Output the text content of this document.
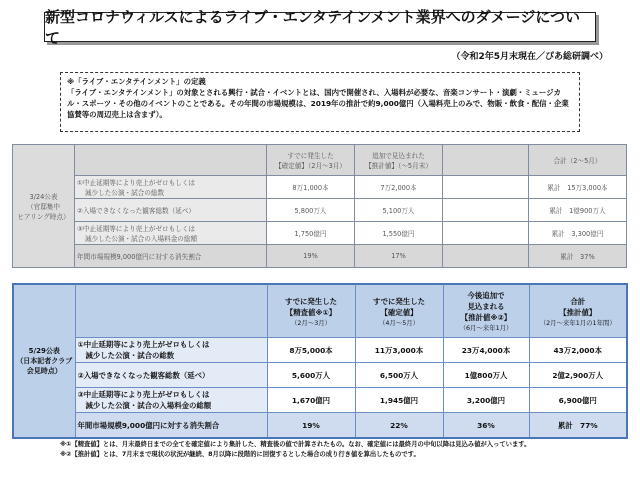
新型コロナウィルスによるライブ・エンタテインメント業界へのダメージについて
（令和2年5月末現在／ぴあ総研調べ）
※「ライブ・エンタテインメント」の定義
「ライブ・エンタテインメント」の対象とされる興行・試合・イベントとは、国内で開催され、入場料が必要な、音楽コンサート・演劇・ミュージカル・スポーツ・その他のイベントのことである。その年間の市場規模は、2019年の推計で約9,000億円（入場料売上のみで、物販・飲食・配信・企業協賛等の周辺売上は含まず）。
3/24公表
（官邸集中
ヒアリング時点）		すでに発生した
【確定値】（2月～3月）	追加で見込まれた
【推計値】（～5月末）		合計（2～5月）

	①中止延期等により売上がゼロもしくは
減少した公演・試合の総数	8万1,000本	7万2,000本		累計　15万3,000本

	②入場できなくなった観客総数（延べ）	5,800万人	5,100万人		累計　1億900万人

	③中止延期等により売上がゼロもしくは
減少した公演・試合の入場料金の総額	1,750億円	1,550億円		累計　3,300億円
	年間市場規模9,000億円に対する消失割合	19%	17%		累計　37%
5/29公表
（日本記者クラブ
会見時点）		すでに発生した
【精査値※①】
（2月～3月）	すでに発生した
【確定値】
（4月～5月）	今後追加で
見込まれる
【推計値※②】
（6月～来年1月）	合計
【推計値】
（2月～来年1月の1年間）

	①中止延期等により売上がゼロもしくは
減少した公演・試合の総数	8万5,000本	11万3,000本	23万4,000本	43万2,000本

	②入場できなくなった観客総数（延べ）	5,600万人	6,500万人	1億800万人	2億2,900万人

	③中止延期等により売上がゼロもしくは
減少した公演・試合の入場料金の総額	1,670億円	1,945億円	3,200億円	6,900億円
	年間市場規模9,000億円に対する消失割合	19%	22%	36%	累計　77%
※①【精査値】とは、月末最終日までの全てを確定値により集計した、精査後の値で計算されたもの。なお、確定値には最終月の中旬以降は見込み値が入っています。
※②【推計値】とは、7月末まで現状の状況が継続、8月以降に段階的に回復するとした場合の成り行き値を算出したものです。
